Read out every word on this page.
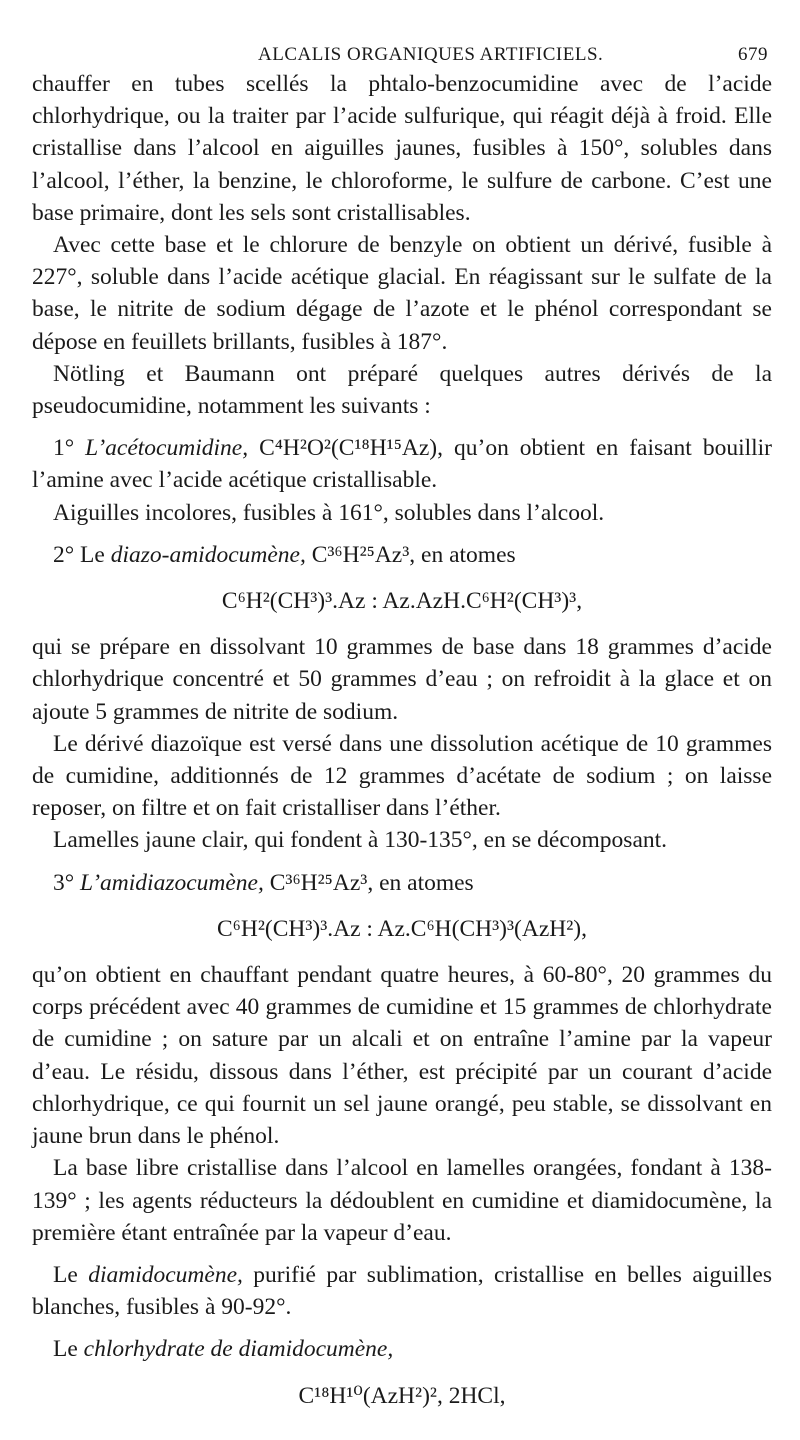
ALCALIS ORGANIQUES ARTIFICIELS.	679

chauffer en tubes scellés la phtalo-benzocumidine avec de l’acide chlorhydrique, ou la traiter par l’acide sulfurique, qui réagit déjà à froid. Elle cristallise dans l’alcool en aiguilles jaunes, fusibles à 150°, solubles dans l’alcool, l’éther, la benzine, le chloroforme, le sulfure de carbone. C’est une base primaire, dont les sels sont cristallisables.

Avec cette base et le chlorure de benzyle on obtient un dérivé, fusible à 227°, soluble dans l’acide acétique glacial. En réagissant sur le sulfate de la base, le nitrite de sodium dégage de l’azote et le phénol correspondant se dépose en feuillets brillants, fusibles à 187°.

Nötling et Baumann ont préparé quelques autres dérivés de la pseudocumidine, notamment les suivants :

1° L’acétocumidine, C⁴H²O²(C¹⁸H¹⁵Az), qu’on obtient en faisant bouillir l’amine avec l’acide acétique cristallisable.

Aiguilles incolores, fusibles à 161°, solubles dans l’alcool.

2° Le diazo-amidocumène, C³⁶H²⁵Az³, en atomes

C⁶H²(CH³)³.Az : Az.AzH.C⁶H²(CH³)³,

qui se prépare en dissolvant 10 grammes de base dans 18 grammes d’acide chlorhydrique concentré et 50 grammes d’eau ; on refroidit à la glace et on ajoute 5 grammes de nitrite de sodium.

Le dérivé diazoïque est versé dans une dissolution acétique de 10 grammes de cumidine, additionnés de 12 grammes d’acétate de sodium ; on laisse reposer, on filtre et on fait cristalliser dans l’éther.

Lamelles jaune clair, qui fondent à 130-135°, en se décomposant.

3° L’amidiazocumène, C³⁶H²⁵Az³, en atomes

C⁶H²(CH³)³.Az : Az.C⁶H(CH³)³(AzH²),

qu’on obtient en chauffant pendant quatre heures, à 60-80°, 20 grammes du corps précédent avec 40 grammes de cumidine et 15 grammes de chlorhydrate de cumidine ; on sature par un alcali et on entraîne l’amine par la vapeur d’eau. Le résidu, dissous dans l’éther, est précipité par un courant d’acide chlorhydrique, ce qui fournit un sel jaune orangé, peu stable, se dissolvant en jaune brun dans le phénol.

La base libre cristallise dans l’alcool en lamelles orangées, fondant à 138-139° ; les agents réducteurs la dédoublent en cumidine et diamidocumène, la première étant entraînée par la vapeur d’eau.

Le diamidocumène, purifié par sublimation, cristallise en belles aiguilles blanches, fusibles à 90-92°.

Le chlorhydrate de diamidocumène,

C¹⁸H¹⁰(AzH²)², 2HCl,
